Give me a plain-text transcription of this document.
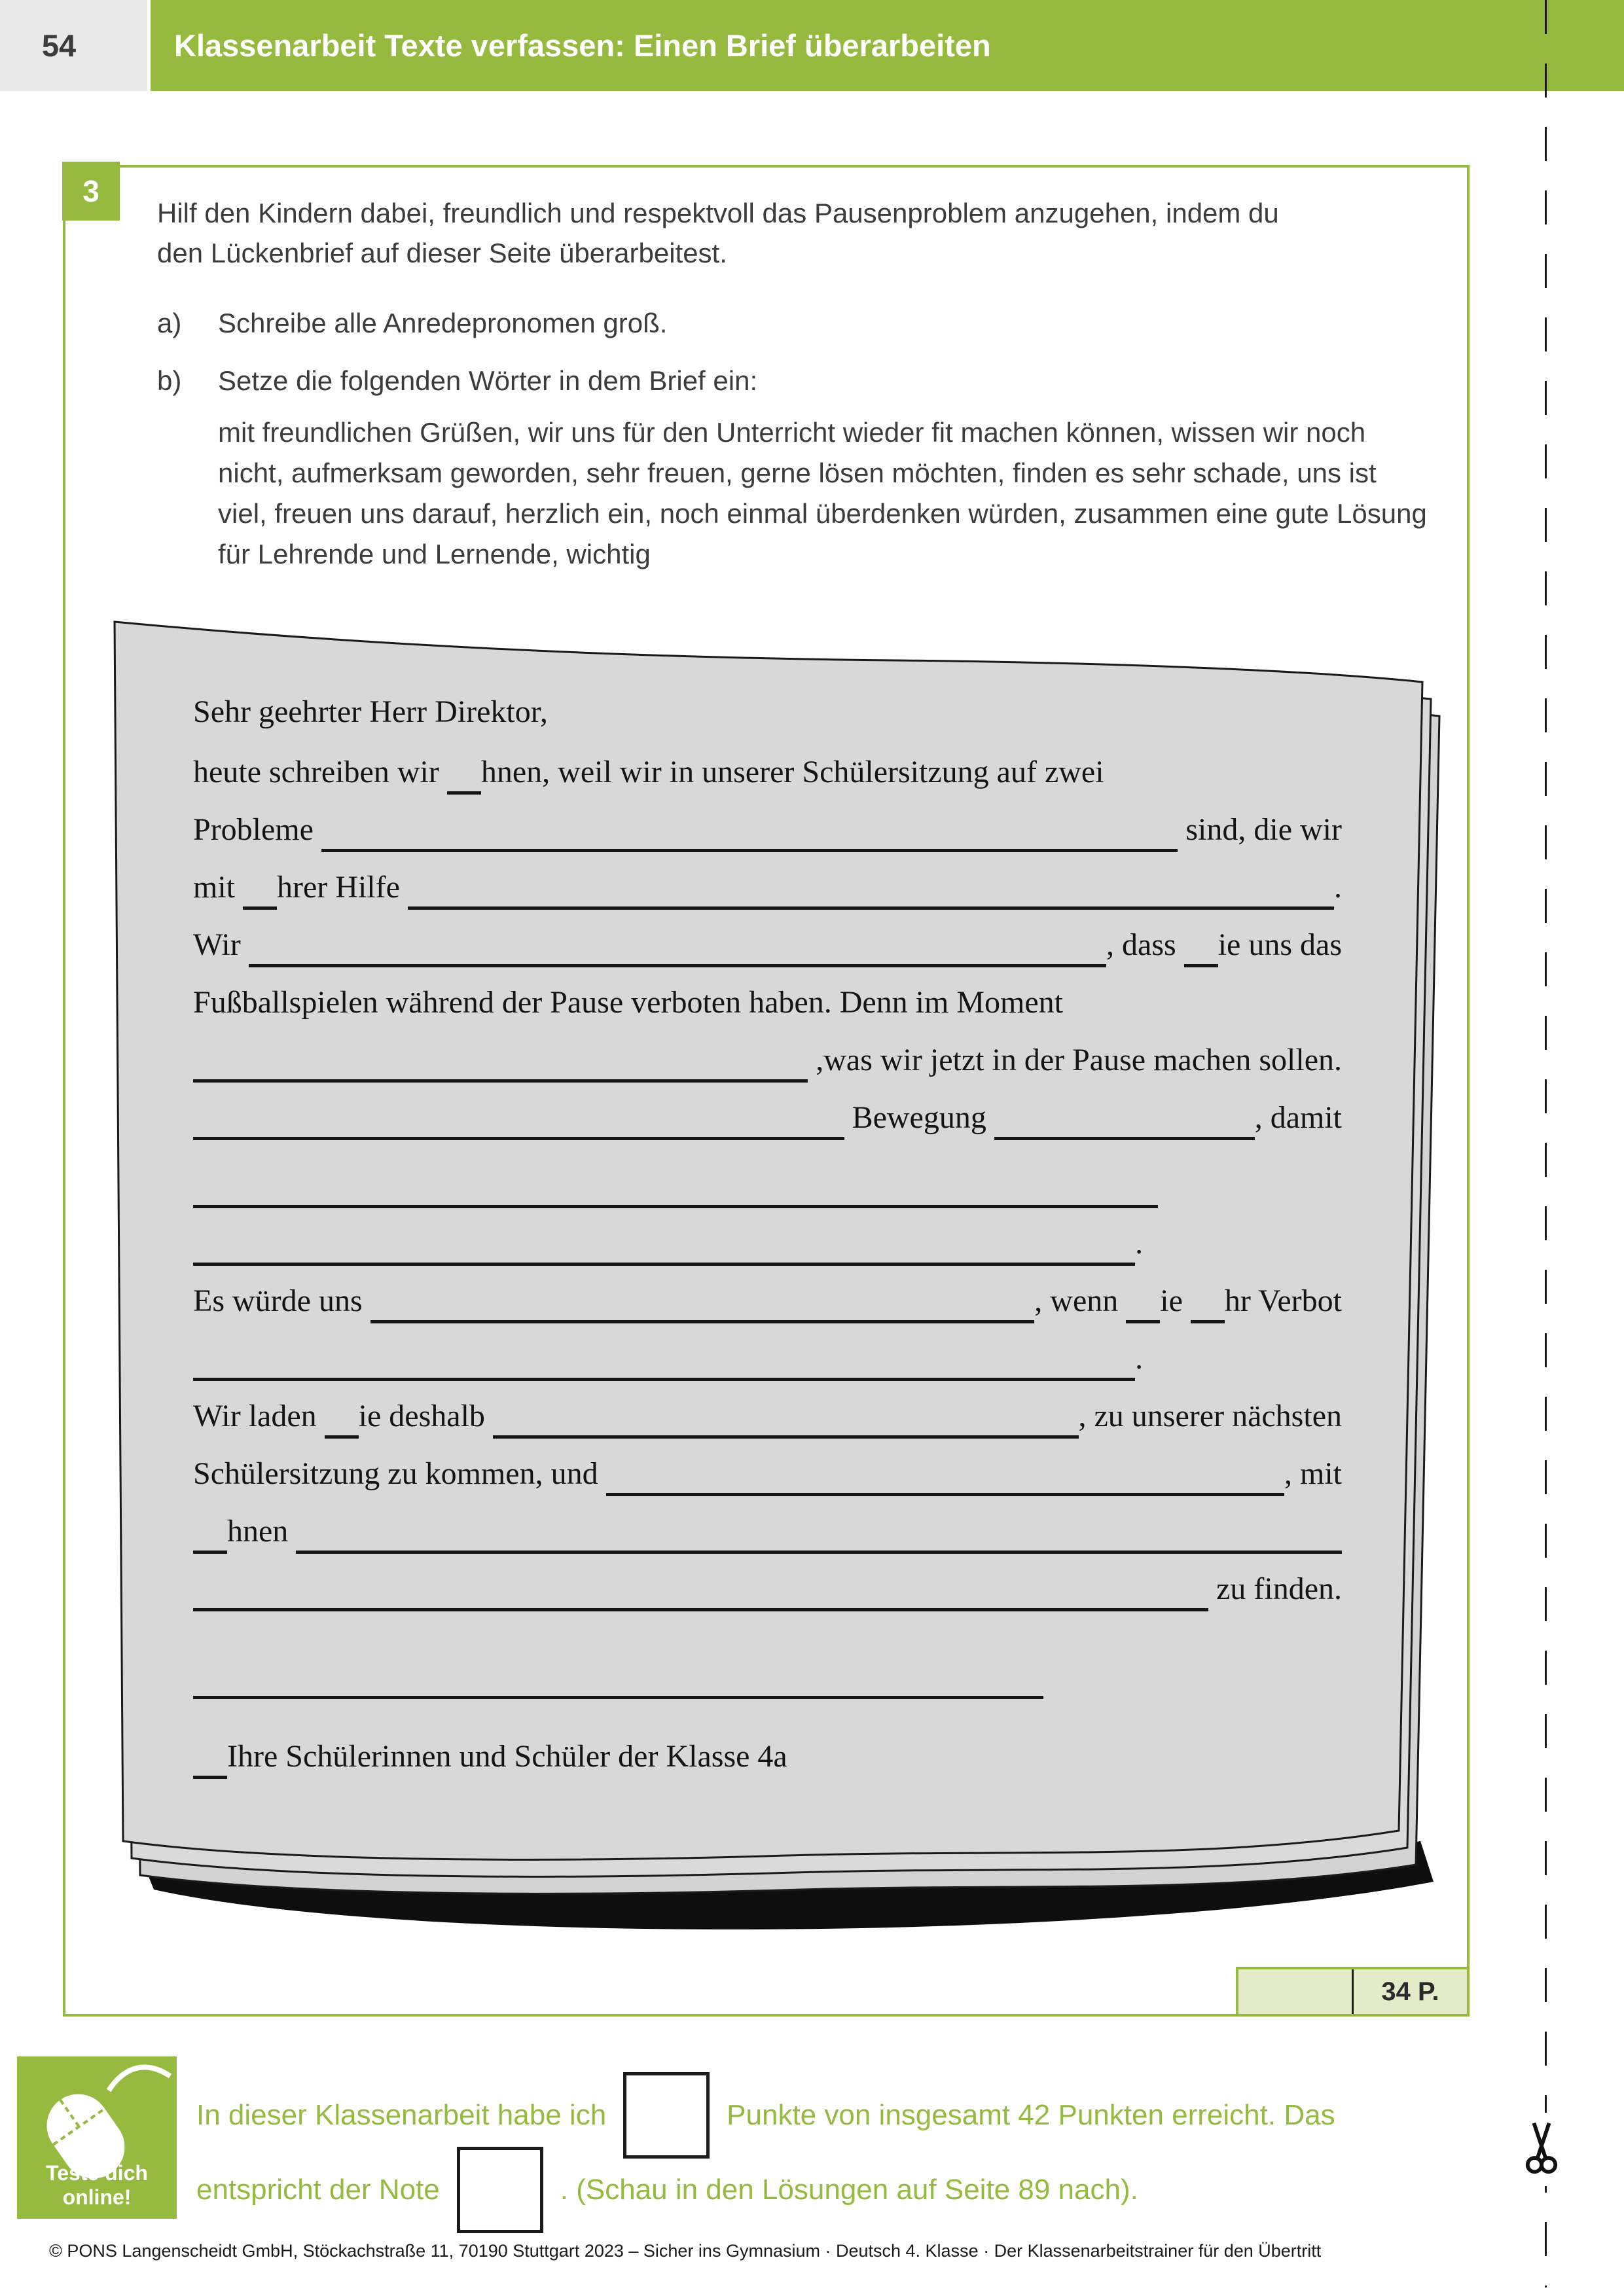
54	Klassenarbeit Texte verfassen: Einen Brief überarbeiten
3
Hilf den Kindern dabei, freundlich und respektvoll das Pausenproblem anzugehen, indem du
den Lückenbrief auf dieser Seite überarbeitest.
a)	Schreibe alle Anredepronomen groß.
b)	Setze die folgenden Wörter in dem Brief ein:
mit freundlichen Grüßen, wir uns für den Unterricht wieder fit machen können, wissen wir noch nicht, aufmerksam geworden, sehr freuen, gerne lösen möchten, finden es sehr schade, uns ist viel, freuen uns darauf, herzlich ein, noch einmal überdenken würden, zusammen eine gute Lösung für Lehrende und Lernende, wichtig
Sehr geehrter Herr Direktor,
heute schreiben wir hnen, weil wir in unserer Schülersitzung auf zwei
Probleme	sind, die wir
mit hrer Hilfe	.
Wir	, dass ie uns das
Fußballspielen während der Pause verboten haben. Denn im Moment
,was wir jetzt in der Pause machen sollen.
Bewegung	, damit
.
Es würde uns	, wenn ie hr Verbot
.
Wir laden ie deshalb	, zu unserer nächsten
Schülersitzung zu kommen, und	, mit
hnen
zu finden.
Ihre Schülerinnen und Schüler der Klasse 4a
34 P.
Teste dich online!
In dieser Klassenarbeit habe ich	Punkte von insgesamt 42 Punkten erreicht. Das
entspricht der Note	. (Schau in den Lösungen auf Seite 89 nach).
© PONS Langenscheidt GmbH, Stöckachstraße 11, 70190 Stuttgart 2023 – Sicher ins Gymnasium · Deutsch 4. Klasse · Der Klassenarbeitstrainer für den Übertritt
